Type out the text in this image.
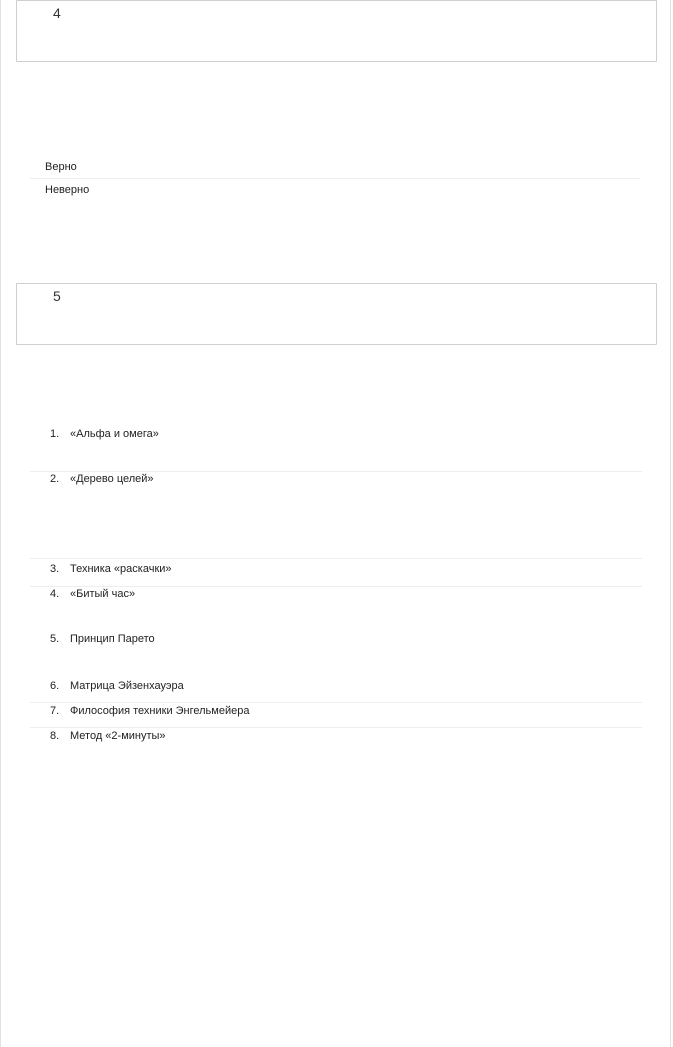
4
Верно
Неверно
5
1. «Альфа и омега»
2. «Дерево целей»
3. Техника «раскачки»
4. «Битый час»
5. Принцип Парето
6. Матрица Эйзенхауэра
7. Философия техники Энгельмейера
8. Метод «2-минуты»
